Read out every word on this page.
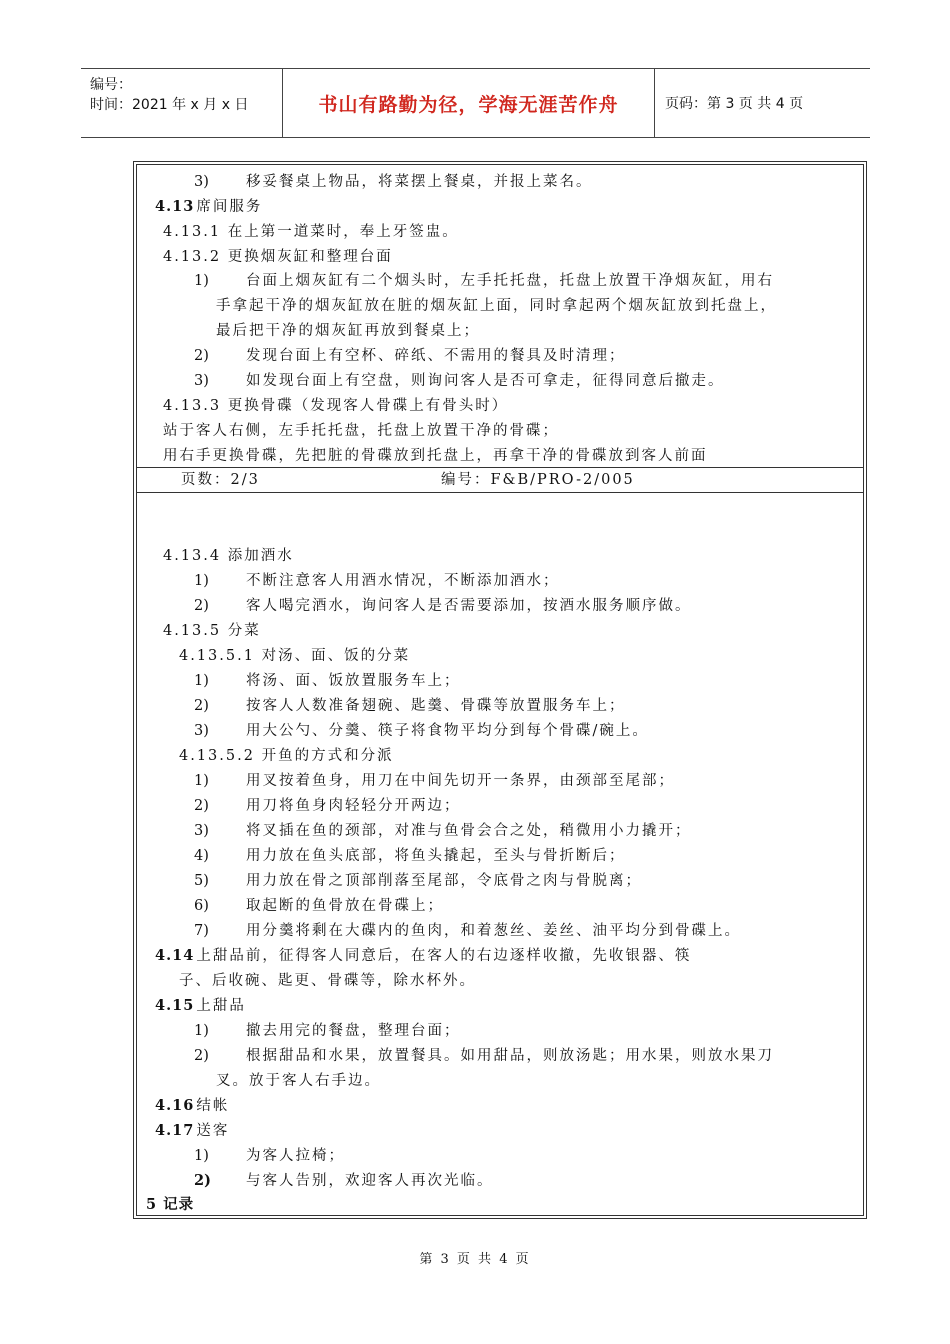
编号：
时间：2021 年 x 月 x 日	书山有路勤为径，学海无涯苦作舟	页码：第 3 页 共 4 页
3)	移妥餐桌上物品，将菜摆上餐桌，并报上菜名。
4.13 席间服务
4.13.1 在上第一道菜时，奉上牙签盅。
4.13.2 更换烟灰缸和整理台面
1)	台面上烟灰缸有二个烟头时，左手托托盘，托盘上放置干净烟灰缸，用右
手拿起干净的烟灰缸放在脏的烟灰缸上面，同时拿起两个烟灰缸放到托盘上，
最后把干净的烟灰缸再放到餐桌上；
2)	发现台面上有空杯、碎纸、不需用的餐具及时清理；
3)	如发现台面上有空盘，则询问客人是否可拿走，征得同意后撤走。
4.13.3 更换骨碟（发现客人骨碟上有骨头时）
站于客人右侧，左手托托盘，托盘上放置干净的骨碟；
用右手更换骨碟，先把脏的骨碟放到托盘上，再拿干净的骨碟放到客人前面
页数：2/3	编号：F&B/PRO-2/005
4.13.4 添加酒水
1)	不断注意客人用酒水情况，不断添加酒水；
2)	客人喝完酒水，询问客人是否需要添加，按酒水服务顺序做。
4.13.5 分菜
4.13.5.1 对汤、面、饭的分菜
1)	将汤、面、饭放置服务车上；
2)	按客人人数准备翅碗、匙羹、骨碟等放置服务车上；
3)	用大公勺、分羹、筷子将食物平均分到每个骨碟/碗上。
4.13.5.2 开鱼的方式和分派
1)	用叉按着鱼身，用刀在中间先切开一条界，由颈部至尾部；
2)	用刀将鱼身肉轻轻分开两边；
3)	将叉插在鱼的颈部，对准与鱼骨会合之处，稍微用小力撬开；
4)	用力放在鱼头底部，将鱼头撬起，至头与骨折断后；
5)	用力放在骨之顶部削落至尾部，令底骨之肉与骨脱离；
6)	取起断的鱼骨放在骨碟上；
7)	用分羹将剩在大碟内的鱼肉，和着葱丝、姜丝、油平均分到骨碟上。
4.14 上甜品前，征得客人同意后，在客人的右边逐样收撤，先收银器、筷
子、后收碗、匙更、骨碟等，除水杯外。
4.15 上甜品
1)	撤去用完的餐盘，整理台面；
2)	根据甜品和水果，放置餐具。如用甜品，则放汤匙；用水果，则放水果刀
叉。放于客人右手边。
4.16 结帐
4.17 送客
1)	为客人拉椅；
2) 与客人告别，欢迎客人再次光临。
5 记录
第 3 页 共 4 页
